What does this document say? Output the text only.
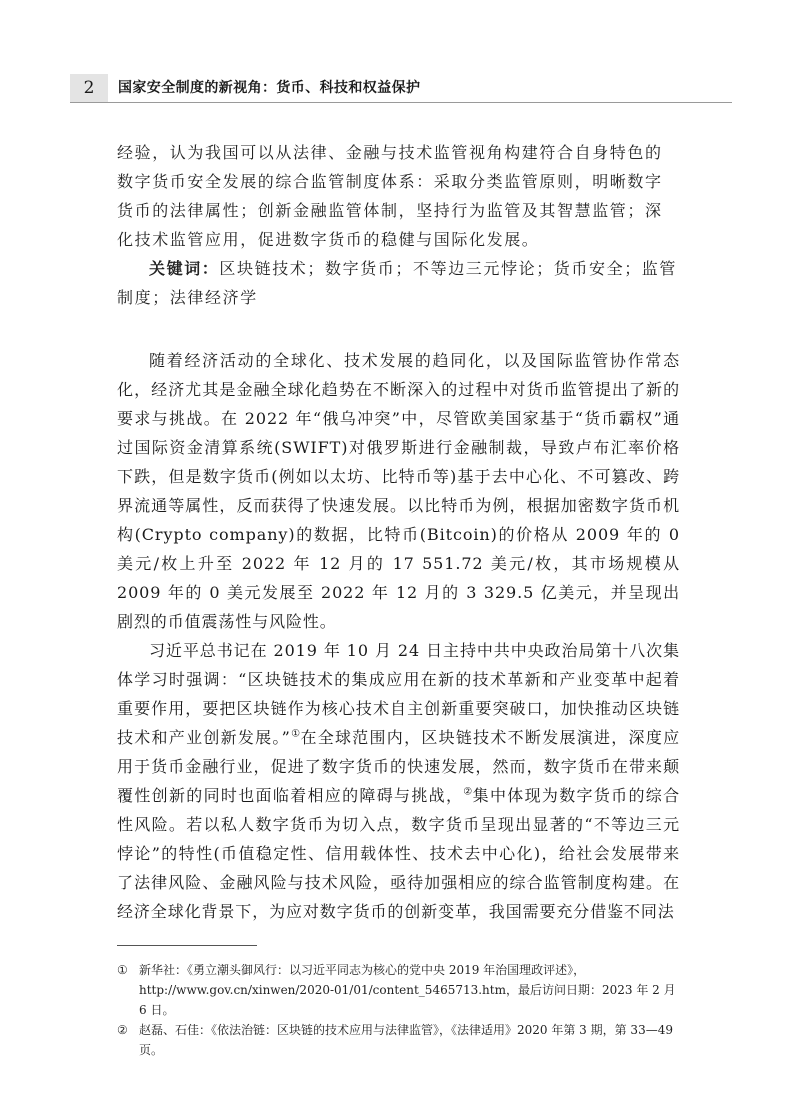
2	国家安全制度的新视角：货币、科技和权益保护

经验，认为我国可以从法律、金融与技术监管视角构建符合自身特色的数字货币安全发展的综合监管制度体系：采取分类监管原则，明晰数字货币的法律属性；创新金融监管体制，坚持行为监管及其智慧监管；深化技术监管应用，促进数字货币的稳健与国际化发展。

关键词：区块链技术；数字货币；不等边三元悖论；货币安全；监管制度；法律经济学

随着经济活动的全球化、技术发展的趋同化，以及国际监管协作常态化，经济尤其是金融全球化趋势在不断深入的过程中对货币监管提出了新的要求与挑战。在 2022 年“俄乌冲突”中，尽管欧美国家基于“货币霸权”通过国际资金清算系统(SWIFT)对俄罗斯进行金融制裁，导致卢布汇率价格下跌，但是数字货币(例如以太坊、比特币等)基于去中心化、不可篡改、跨界流通等属性，反而获得了快速发展。以比特币为例，根据加密数字货币机构(Crypto company)的数据，比特币(Bitcoin)的价格从 2009 年的 0 美元/枚上升至 2022 年 12 月的 17 551.72 美元/枚，其市场规模从 2009 年的 0 美元发展至 2022 年 12 月的 3 329.5 亿美元，并呈现出剧烈的币值震荡性与风险性。

习近平总书记在 2019 年 10 月 24 日主持中共中央政治局第十八次集体学习时强调：“区块链技术的集成应用在新的技术革新和产业变革中起着重要作用，要把区块链作为核心技术自主创新重要突破口，加快推动区块链技术和产业创新发展。”①在全球范围内，区块链技术不断发展演进，深度应用于货币金融行业，促进了数字货币的快速发展，然而，数字货币在带来颠覆性创新的同时也面临着相应的障碍与挑战，②集中体现为数字货币的综合性风险。若以私人数字货币为切入点，数字货币呈现出显著的“不等边三元悖论”的特性(币值稳定性、信用载体性、技术去中心化)，给社会发展带来了法律风险、金融风险与技术风险，亟待加强相应的综合监管制度构建。在经济全球化背景下，为应对数字货币的创新变革，我国需要充分借鉴不同法

① 新华社：《勇立潮头御风行：以习近平同志为核心的党中央 2019 年治国理政评述》，http://www.gov.cn/xinwen/2020-01/01/content_5465713.htm，最后访问日期：2023 年 2 月 6 日。
② 赵磊、石佳：《依法治链：区块链的技术应用与法律监管》，《法律适用》2020 年第 3 期，第 33—49 页。
